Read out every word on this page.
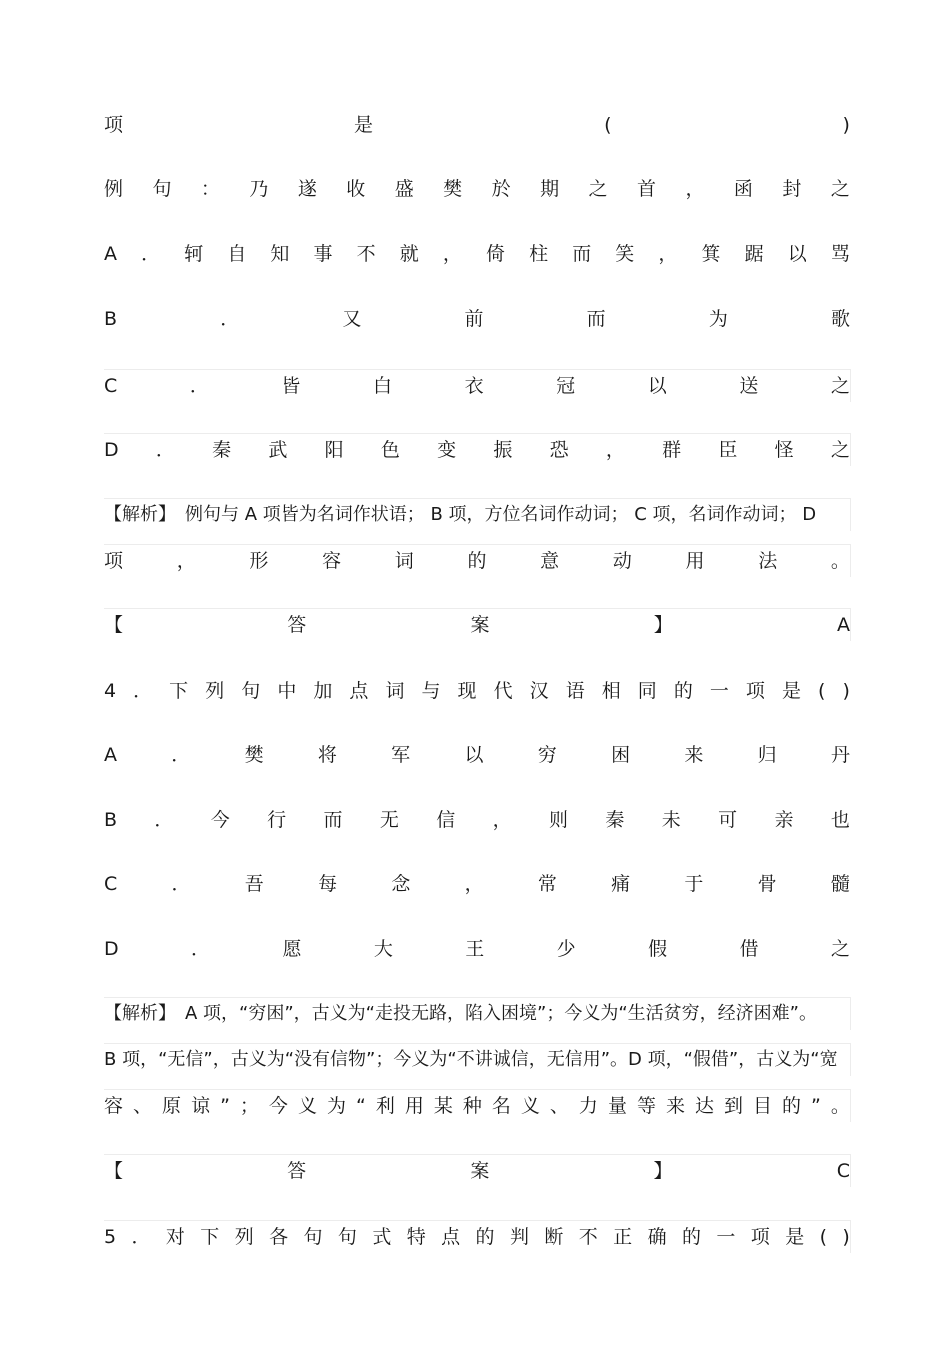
项	是	(	)
例 句 ： 乃 遂 收 盛 樊 於 期 之 首 ， 函 封 之
A ． 轲 自 知 事 不 就 ， 倚 柱 而 笑 ， 箕 踞 以 骂
B	．	又	前	而	为	歌
C	．	皆	白	衣	冠	以	送	之
D ． 秦 武 阳 色 变 振 恐 ， 群 臣 怪 之
【解析】　例句与 A 项皆为名词作状语； B 项，方位名词作动词； C 项，名词作动词； D
项	，	形	容	词	的	意	动	用	法	。
【	答	案	】	A
4 ． 下 列 句 中 加 点 词 与 现 代 汉 语 相 同 的 一 项 是 ( )
A	．	樊	将	军	以	穷	困	来	归	丹
B ． 今 行 而 无 信 ， 则 秦 未 可 亲 也
C	．	吾	每	念	，	常	痛	于	骨	髓
D	．	愿	大	王	少	假	借	之
【解析】　A 项，“穷困”，古义为“走投无路，陷入困境”；今义为“生活贫穷，经济困难”。
B 项，“无信”，古义为“没有信物”；今义为“不讲诚信，无信用”。D 项，“假借”，古义为“宽
容 、 原 谅 ” ； 今 义 为 “ 利 用 某 种 名 义 、 力 量 等 来 达 到 目 的 ” 。
【	答	案	】	C
5 ． 对 下 列 各 句 句 式 特 点 的 判 断 不 正 确 的 一 项 是 ( )
